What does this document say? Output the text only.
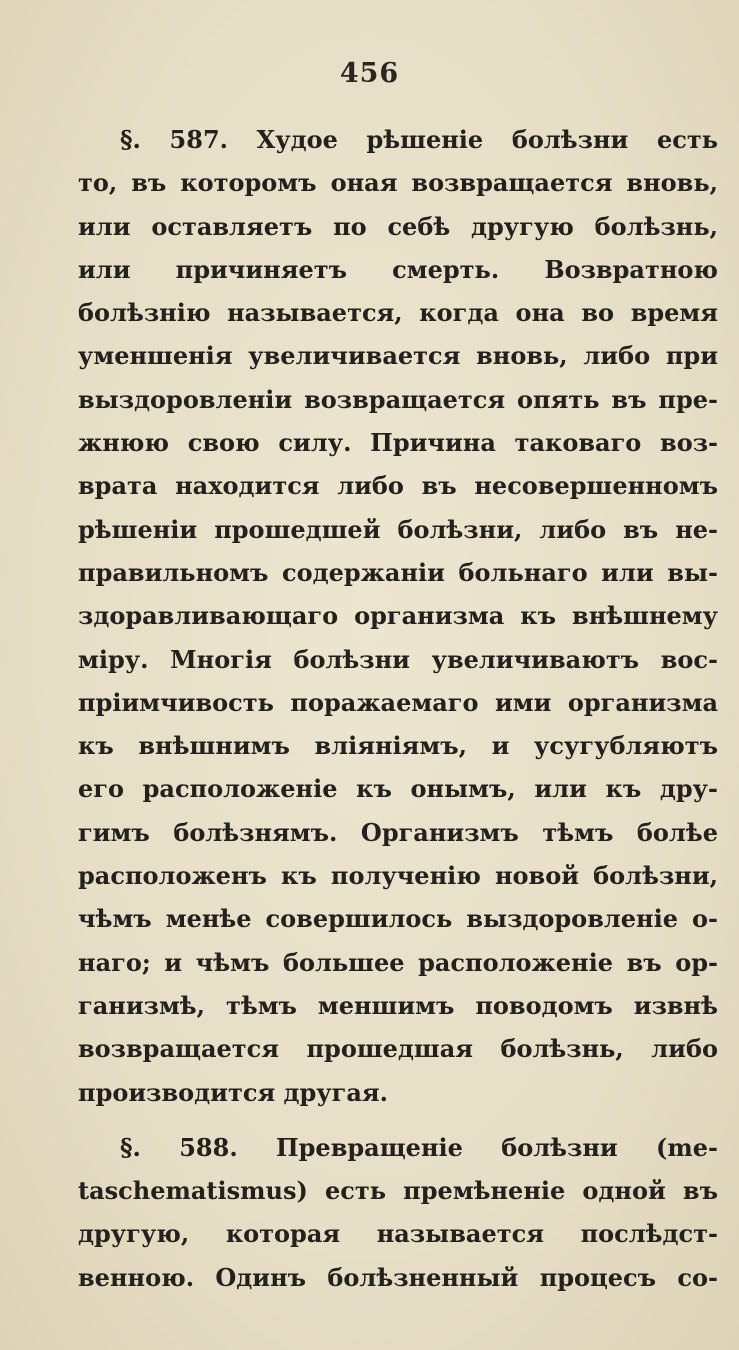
456
§. 587. Худое рѣшеніе болѣзни есть
то, въ которомъ оная возвращается вновь,
или оставляетъ по себѣ другую болѣзнь,
или причиняетъ смерть. Возвратною
болѣзнію называется, когда она во время
уменшенія увеличивается вновь, либо при
выздоровленіи возвращается опять въ пре-
жнюю свою силу. Причина таковаго воз-
врата находится либо въ несовершенномъ
рѣшеніи прошедшей болѣзни, либо въ не-
правильномъ содержаніи больнаго или вы-
здоравливающаго организма къ внѣшнему
міру. Многія болѣзни увеличиваютъ вос-
пріимчивость поражаемаго ими организма
къ внѣшнимъ вліяніямъ, и усугубляютъ
его расположеніе къ онымъ, или къ дру-
гимъ болѣзнямъ. Организмъ тѣмъ болѣе
расположенъ къ полученію новой болѣзни,
чѣмъ менѣе совершилось выздоровленіе о-
наго; и чѣмъ большее расположеніе въ ор-
ганизмѣ, тѣмъ меншимъ поводомъ извнѣ
возвращается прошедшая болѣзнь, либо
производится другая.
§. 588. Превращеніе болѣзни (me-
taschematismus) есть премѣненіе одной въ
другую, которая называется послѣдст-
венною. Одинъ болѣзненный процесъ со-
